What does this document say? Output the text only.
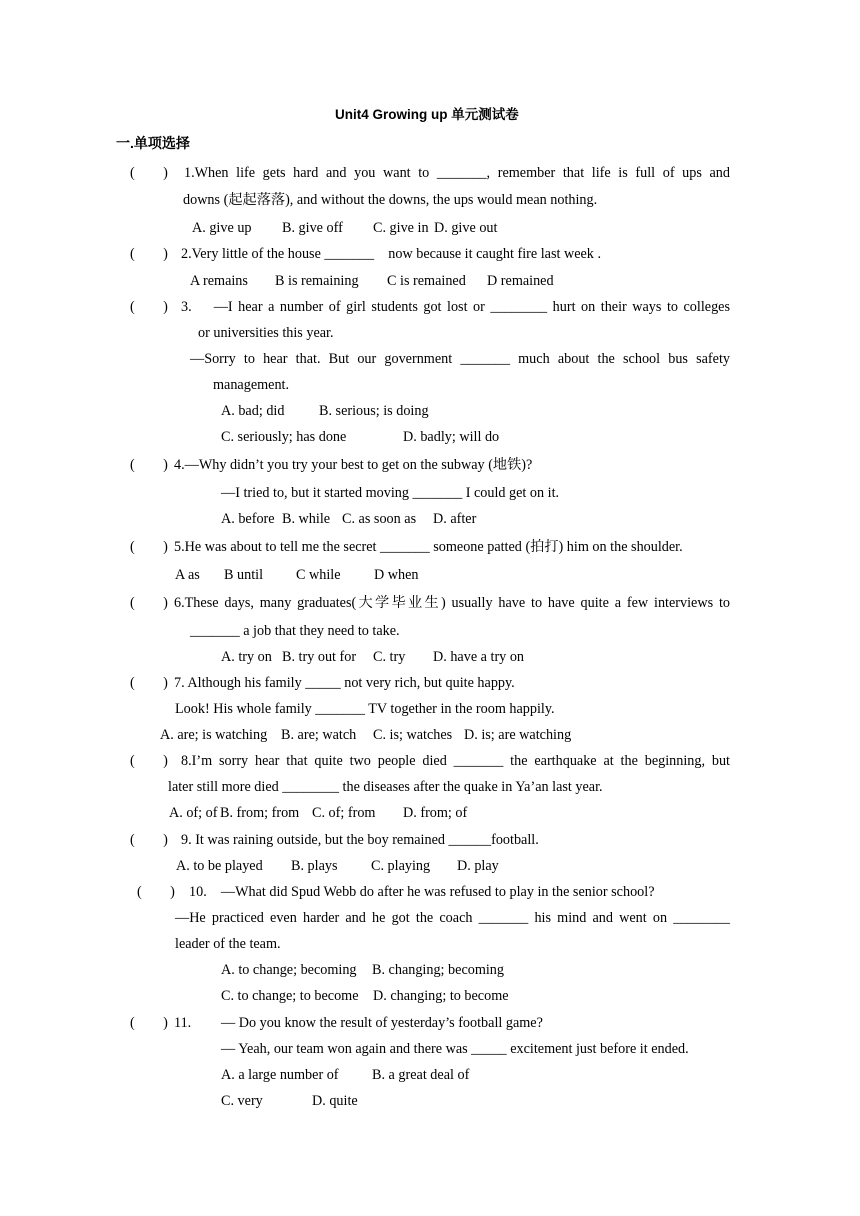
Unit4 Growing up 单元测试卷
一.单项选择
(        ) 1.When life gets hard and you want to _______, remember that life is full of ups and
downs (起起落落), and without the downs, the ups would mean nothing.
A. give up B. give off C. give in D. give out
(        ) 2.Very little of the house _______    now because it caught fire last week .
A remains B is remaining C is remained D remained
(        ) 3.    —I hear a number of girl students got lost or ________ hurt on their ways to colleges
or universities this year.
—Sorry to hear that. But our government _______ much about the school bus safety
management.
A. bad; did B. serious; is doing
C. seriously; has done	D. badly; will do
(        ) 4.—Why didn’t you try your best to get on the subway (地铁)?
—I tried to, but it started moving _______ I could get on it.
A. before B. while C. as soon as D. after
(        ) 5.He was about to tell me the secret _______ someone patted (拍打) him on the shoulder.
A as B until C while D when
(        ) 6.These days, many graduates(大学毕业生) usually have to have quite a few interviews to
_______ a job that they need to take.
A. try on B. try out for C. try D. have a try on
(        ) 7. Although his family _____ not very rich, but quite happy.
Look! His whole family _______ TV together in the room happily.
A. are; is watching B. are; watch C. is; watches D. is; are watching
(        ) 8.I’m sorry hear that quite two people died _______ the earthquake at the beginning, but
later still more died ________ the diseases after the quake in Ya’an last year.
A. of; of B. from; from C. of; from D. from; of
(        ) 9. It was raining outside, but the boy remained ______football.
A. to be played B. plays C. playing D. play
(        ) 10.    —What did Spud Webb do after he was refused to play in the senior school?
—He practiced even harder and he got the coach _______ his mind and went on ________
leader of the team.
A. to change; becoming B. changing; becoming
C. to change; to become D. changing; to become
(        ) 11. — Do you know the result of yesterday’s football game?
— Yeah, our team won again and there was _____ excitement just before it ended.
A. a large number of B. a great deal of
C. very	D. quite
